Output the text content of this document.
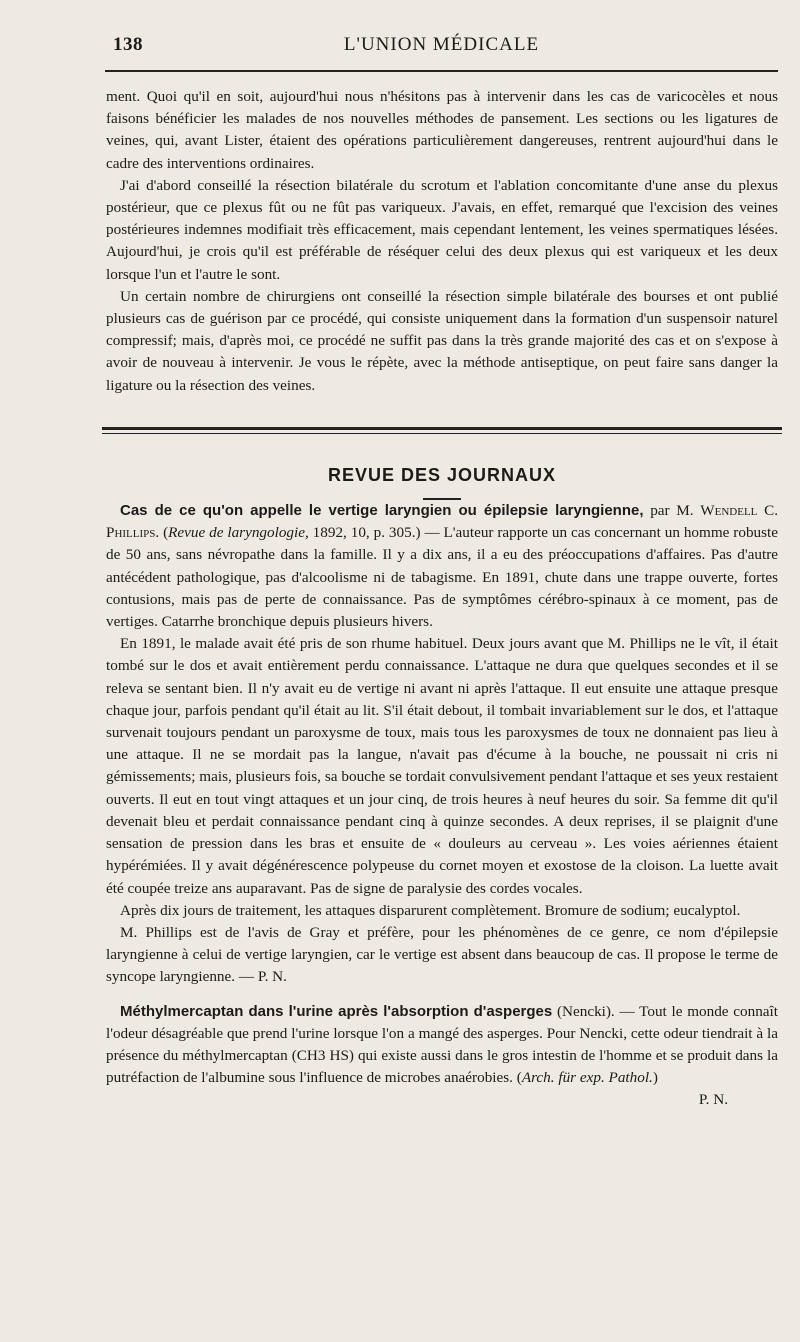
138	L'UNION MÉDICALE

ment. Quoi qu'il en soit, aujourd'hui nous n'hésitons pas à intervenir dans les cas de varicocèles et nous faisons bénéficier les malades de nos nouvelles méthodes de pansement. Les sections ou les ligatures de veines, qui, avant Lister, étaient des opérations particulièrement dangereuses, rentrent aujourd'hui dans le cadre des interventions ordinaires.

J'ai d'abord conseillé la résection bilatérale du scrotum et l'ablation concomitante d'une anse du plexus postérieur, que ce plexus fût ou ne fût pas variqueux. J'avais, en effet, remarqué que l'excision des veines postérieures indemnes modifiait très efficacement, mais cependant lentement, les veines spermatiques lésées. Aujourd'hui, je crois qu'il est préférable de réséquer celui des deux plexus qui est variqueux et les deux lorsque l'un et l'autre le sont.

Un certain nombre de chirurgiens ont conseillé la résection simple bilatérale des bourses et ont publié plusieurs cas de guérison par ce procédé, qui consiste uniquement dans la formation d'un suspensoir naturel compressif; mais, d'après moi, ce procédé ne suffit pas dans la très grande majorité des cas et on s'expose à avoir de nouveau à intervenir. Je vous le répète, avec la méthode antiseptique, on peut faire sans danger la ligature ou la résection des veines.

REVUE DES JOURNAUX

Cas de ce qu'on appelle le vertige laryngien ou épilepsie laryngienne, par M. Wendell C. Phillips. (Revue de laryngologie, 1892, 10, p. 305.) — L'auteur rapporte un cas concernant un homme robuste de 50 ans, sans névropathe dans la famille. Il y a dix ans, il a eu des préoccupations d'affaires. Pas d'autre antécédent pathologique, pas d'alcoolisme ni de tabagisme. En 1891, chute dans une trappe ouverte, fortes contusions, mais pas de perte de connaissance. Pas de symptômes cérébro-spinaux à ce moment, pas de vertiges. Catarrhe bronchique depuis plusieurs hivers.

En 1891, le malade avait été pris de son rhume habituel. Deux jours avant que M. Phillips ne le vît, il était tombé sur le dos et avait entièrement perdu connaissance. L'attaque ne dura que quelques secondes et il se releva se sentant bien. Il n'y avait eu de vertige ni avant ni après l'attaque. Il eut ensuite une attaque presque chaque jour, parfois pendant qu'il était au lit. S'il était debout, il tombait invariablement sur le dos, et l'attaque survenait toujours pendant un paroxysme de toux, mais tous les paroxysmes de toux ne donnaient pas lieu à une attaque. Il ne se mordait pas la langue, n'avait pas d'écume à la bouche, ne poussait ni cris ni gémissements; mais, plusieurs fois, sa bouche se tordait convulsivement pendant l'attaque et ses yeux restaient ouverts. Il eut en tout vingt attaques et un jour cinq, de trois heures à neuf heures du soir. Sa femme dit qu'il devenait bleu et perdait connaissance pendant cinq à quinze secondes. A deux reprises, il se plaignit d'une sensation de pression dans les bras et ensuite de « douleurs au cerveau ». Les voies aériennes étaient hypérémiées. Il y avait dégénérescence polypeuse du cornet moyen et exostose de la cloison. La luette avait été coupée treize ans auparavant. Pas de signe de paralysie des cordes vocales.

Après dix jours de traitement, les attaques disparurent complètement. Bromure de sodium; eucalyptol.

M. Phillips est de l'avis de Gray et préfère, pour les phénomènes de ce genre, ce nom d'épilepsie laryngienne à celui de vertige laryngien, car le vertige est absent dans beaucoup de cas. Il propose le terme de syncope laryngienne. — P. N.

Méthylmercaptan dans l'urine après l'absorption d'asperges (Nencki). — Tout le monde connaît l'odeur désagréable que prend l'urine lorsque l'on a mangé des asperges. Pour Nencki, cette odeur tiendrait à la présence du méthylmercaptan (CH3 HS) qui existe aussi dans le gros intestin de l'homme et se produit dans la putréfaction de l'albumine sous l'influence de microbes anaérobies. (Arch. für exp. Pathol.)

P. N.
